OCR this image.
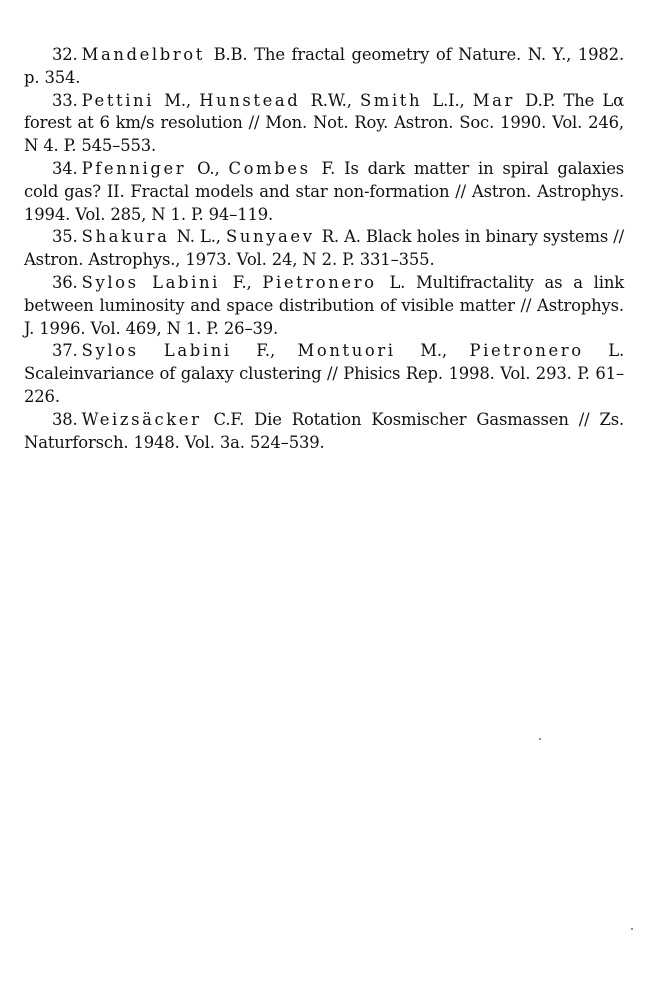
32. Mandelbrot B.B. The fractal geometry of Nature. N. Y., 1982. p. 354.

33. Pettini M., Hunstead R.W., Smith L.I., Mar D.P. The Lα forest at 6 km/s resolution // Mon. Not. Roy. Astron. Soc. 1990. Vol. 246, N 4. P. 545–553.

34. Pfenniger O., Combes F. Is dark matter in spiral galaxies cold gas? II. Fractal models and star non-formation // Astron. Astrophys. 1994. Vol. 285, N 1. P. 94–119.

35. Shakura N. L., Sunyaev R. A. Black holes in binary systems // Astron. Astrophys., 1973. Vol. 24, N 2. P. 331–355.

36. Sylos Labini F., Pietronero L. Multifractality as a link between luminosity and space distribution of visible matter // Astrophys. J. 1996. Vol. 469, N 1. P. 26–39.

37. Sylos Labini F., Montuori M., Pietronero L. Scaleinvariance of galaxy clustering // Phisics Rep. 1998. Vol. 293. P. 61–226.

38. Weizsäcker C.F. Die Rotation Kosmischer Gasmassen // Zs. Naturforsch. 1948. Vol. 3a. 524–539.
